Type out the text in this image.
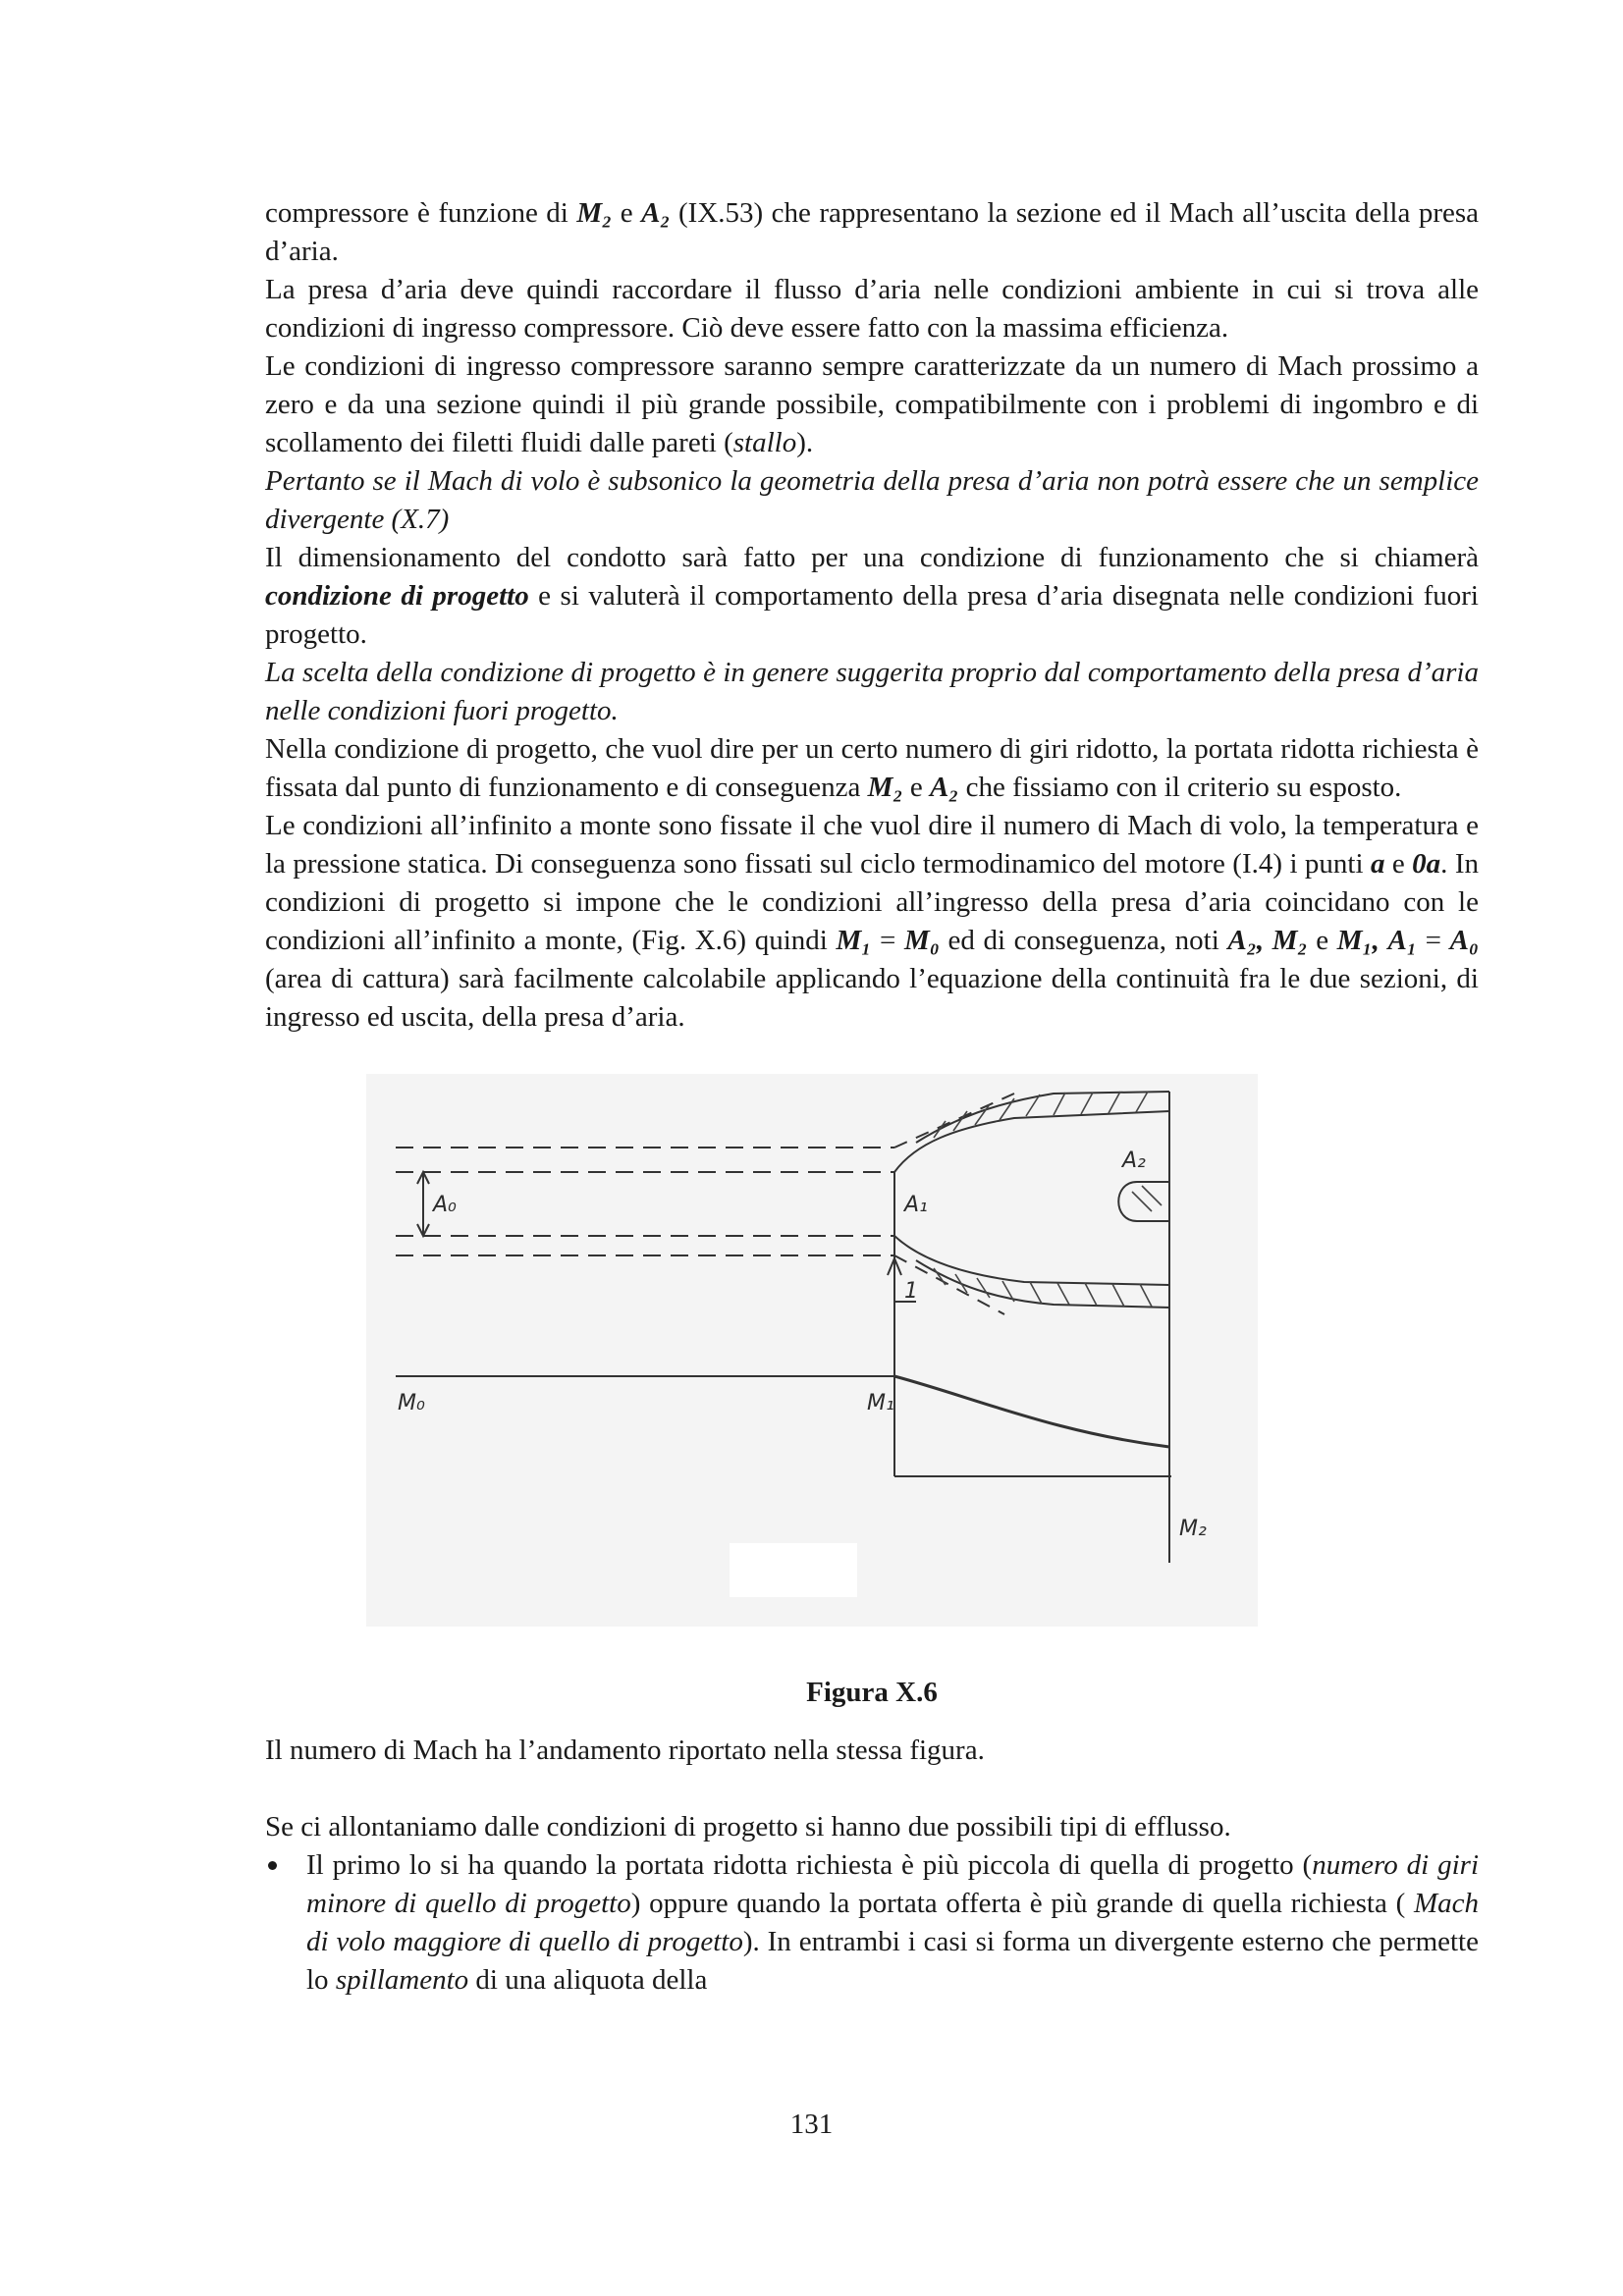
compressore è funzione di M₂ e A₂ (IX.53) che rappresentano la sezione ed il Mach all’uscita della presa d’aria.

La presa d’aria deve quindi raccordare il flusso d’aria nelle condizioni ambiente in cui si trova alle condizioni di ingresso compressore. Ciò deve essere fatto con la massima efficienza.

Le condizioni di ingresso compressore saranno sempre caratterizzate da un numero di Mach prossimo a zero e da una sezione quindi il più grande possibile, compatibilmente con i problemi di ingombro e di scollamento dei filetti fluidi dalle pareti (stallo).

Pertanto se il Mach di volo è subsonico la geometria della presa d’aria non potrà essere che un semplice divergente (X.7)

Il dimensionamento del condotto sarà fatto per una condizione di funzionamento che si chiamerà condizione di progetto e si valuterà il comportamento della presa d’aria disegnata nelle condizioni fuori progetto.

La scelta della condizione di progetto è in genere suggerita proprio dal comportamento della presa d’aria nelle condizioni fuori progetto.

Nella condizione di progetto, che vuol dire per un certo numero di giri ridotto, la portata ridotta richiesta è fissata dal punto di funzionamento e di conseguenza M₂ e A₂ che fissiamo con il criterio su esposto.

Le condizioni all’infinito a monte sono fissate il che vuol dire il numero di Mach di volo, la temperatura e la pressione statica. Di conseguenza sono fissati sul ciclo termodinamico del motore (I.4) i punti a e 0a. In condizioni di progetto si impone che le condizioni all’ingresso della presa d’aria coincidano con le condizioni all’infinito a monte, (Fig. X.6) quindi M₁ = M₀ ed di conseguenza, noti A₂, M₂ e M₁, A₁ = A₀ (area di cattura) sarà facilmente calcolabile applicando l’equazione della continuità fra le due sezioni, di ingresso ed uscita, della presa d’aria.

A₀	A₁
A₂
1
M₀	M₁
M₂

Figura X.6

Il numero di Mach ha l’andamento riportato nella stessa figura.

Se ci allontaniamo dalle condizioni di progetto si hanno due possibili tipi di efflusso.

Il primo lo si ha quando la portata ridotta richiesta è più piccola di quella di progetto (numero di giri minore di quello di progetto) oppure quando la portata offerta è più grande di quella richiesta ( Mach di volo maggiore di quello di progetto). In entrambi i casi si forma un divergente esterno che permette lo spillamento di una aliquota della
131
